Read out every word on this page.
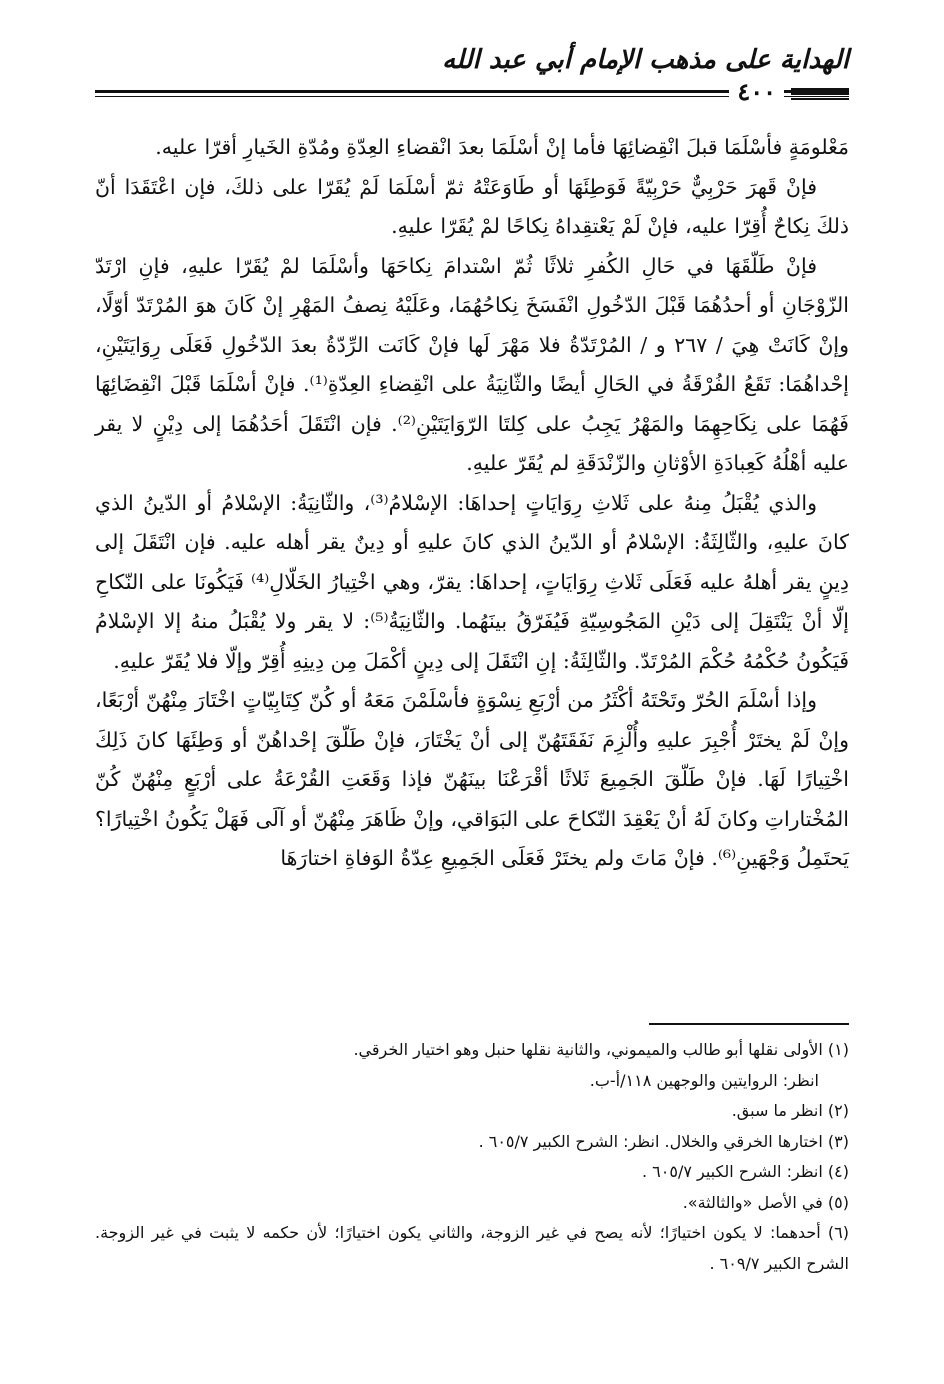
الهداية على مذهب الإمام أبي عبد الله
٤٠٠

مَعْلومَةٍ فأسْلَمَا قبلَ انْقِضائِهَا فأما إنْ أسْلَمَا بعدَ انْقضاءِ العِدّةِ ومُدّةِ الخَيارِ أقرّا عليه.

فإنْ قَهرَ حَرْبِيٌّ حَرْبِيّةً فَوَطِئَهَا أو طَاوَعَتْهُ ثمّ أسْلَمَا لَمْ يُقَرّا على ذلكَ، فإن اعْتَقَدَا أنّ ذلكَ نِكاحٌ أُقِرّا عليه، فإنْ لَمْ يَعْتقِداهُ نِكاحًا لمْ يُقَرّا عليهِ.

فإنْ طَلّقَهَا في حَالِ الكُفرِ ثلاثًا ثُمّ اسْتدامَ نِكاحَهَا وأسْلَمَا لمْ يُقَرّا عليهِ، فإنِ ارْتَدّ الزّوْجَانِ أو أحدُهُمَا قَبْلَ الدّخُولِ انْفَسَخَ نِكاحُهُمَا، وعَلَيْهُ نِصفُ المَهْرِ إنْ كَانَ هوَ المُرْتَدّ أوّلًا، وإنْ كَانَتْ هِيَ / ٢٦٧ و / المُرْتَدّةُ فلا مَهْرَ لَها فإنْ كَانَت الرِّدّةُ بعدَ الدّخُولِ فَعَلَى رِوَايَتَيْنِ، إحْداهُمَا: تَقَعُ الفُرْقَةُ في الحَالِ أيضًا والثّانِيَةُ على انْقِضاءِ العِدّةِ⁽¹⁾. فإنْ أسْلَمَا قَبْلَ انْقِضَائِهَا فَهُمَا على نِكَاحِهِمَا والمَهْرُ يَجِبُ على كِلتَا الرّوَايَتَيْنِ⁽²⁾. فإن انْتَقَلَ أحَدُهُمَا إلى دِيْنٍ لا يقر عليه أهْلُهُ كَعِبادَةِ الأوْثانِ والزّنْدَقَةِ لم يُقَرّ عليهِ.

والذي يُقْبَلُ مِنهُ على ثَلاثِ رِوَايَاتٍ إحداهَا: الإسْلامُ⁽³⁾، والثّانِيَةُ: الإسْلامُ أو الدّينُ الذي كانَ عليهِ، والثّالِثَةُ: الإسْلامُ أو الدّينُ الذي كانَ عليهِ أو دِينٌ يقر أهله عليه. فإن انْتَقَلَ إلى دِينٍ يقر أهلهُ عليه فَعَلَى ثَلاثِ رِوَايَاتٍ، إحداهَا: يقرّ، وهي اخْتِيارُ الخَلّالِ⁽⁴⁾ فَيَكُونَا على النّكاحِ إلّا أنْ يَنْتَقِلَ إلى دَيْنِ المَجُوسِيّةِ فَيُفَرّقُ بينَهُما. والثّانِيَةُ⁽⁵⁾: لا يقر ولا يُقْبَلُ منهُ إلا الإسْلامُ فَيَكُونُ حُكْمُهُ حُكْمَ المُرْتَدّ. والثّالِثَةُ: إنِ انْتَقَلَ إلى دِينٍ أكْمَلَ مِن دِينِهِ أُقِرّ وإلّا فلا يُقَرّ عليهِ.

وإذا أسْلَمَ الحُرّ وتَحْتَهُ أكْثَرُ من أرْبَعِ نِسْوَةٍ فأسْلَمْنَ مَعَهُ أو كُنّ كِتَابِيّاتٍ اخْتَارَ مِنْهُنّ أرْبَعًا، وإنْ لَمْ يختَرْ أُجْبِرَ عليهِ وأُلْزِمَ نَفَقَتَهُنّ إلى أنْ يَخْتَارَ، فإنْ طَلّقَ إحْداهُنّ أو وَطِئَهَا كانَ ذَلِكَ اخْتِيارًا لَهَا. فإنْ طَلّقَ الجَمِيعَ ثَلاثًا أقْرَعْنَا بينَهُنّ فإذا وَقَعَتِ القُرْعَةُ على أرْبَعٍ مِنْهُنّ كُنّ المُخْتاراتِ وكانَ لَهُ أنْ يَعْقِدَ النّكاحَ على البَوَاقي، وإنْ ظَاهَرَ مِنْهُنّ أو آلَى فَهَلْ يَكُونُ اخْتِيارًا؟ يَحتَمِلُ وَجْهَينِ⁽⁶⁾. فإنْ مَاتَ ولم يختَرْ فَعَلَى الجَمِيعِ عِدّةُ الوَفاةِ اختارَهَا

(١) الأولى نقلها أبو طالب والميموني، والثانية نقلها حنبل وهو اختيار الخرقي.

انظر: الروايتين والوجهين ١١٨/أ-ب.

(٢) انظر ما سبق.

(٣) اختارها الخرقي والخلال. انظر: الشرح الكبير ٦٠٥/٧ .

(٤) انظر: الشرح الكبير ٦٠٥/٧ .

(٥) في الأصل «والثالثة».

(٦) أحدهما: لا يكون اختيارًا؛ لأنه يصح في غير الزوجة، والثاني يكون اختيارًا؛ لأن حكمه لا يثبت في غير الزوجة. الشرح الكبير ٦٠٩/٧ .
